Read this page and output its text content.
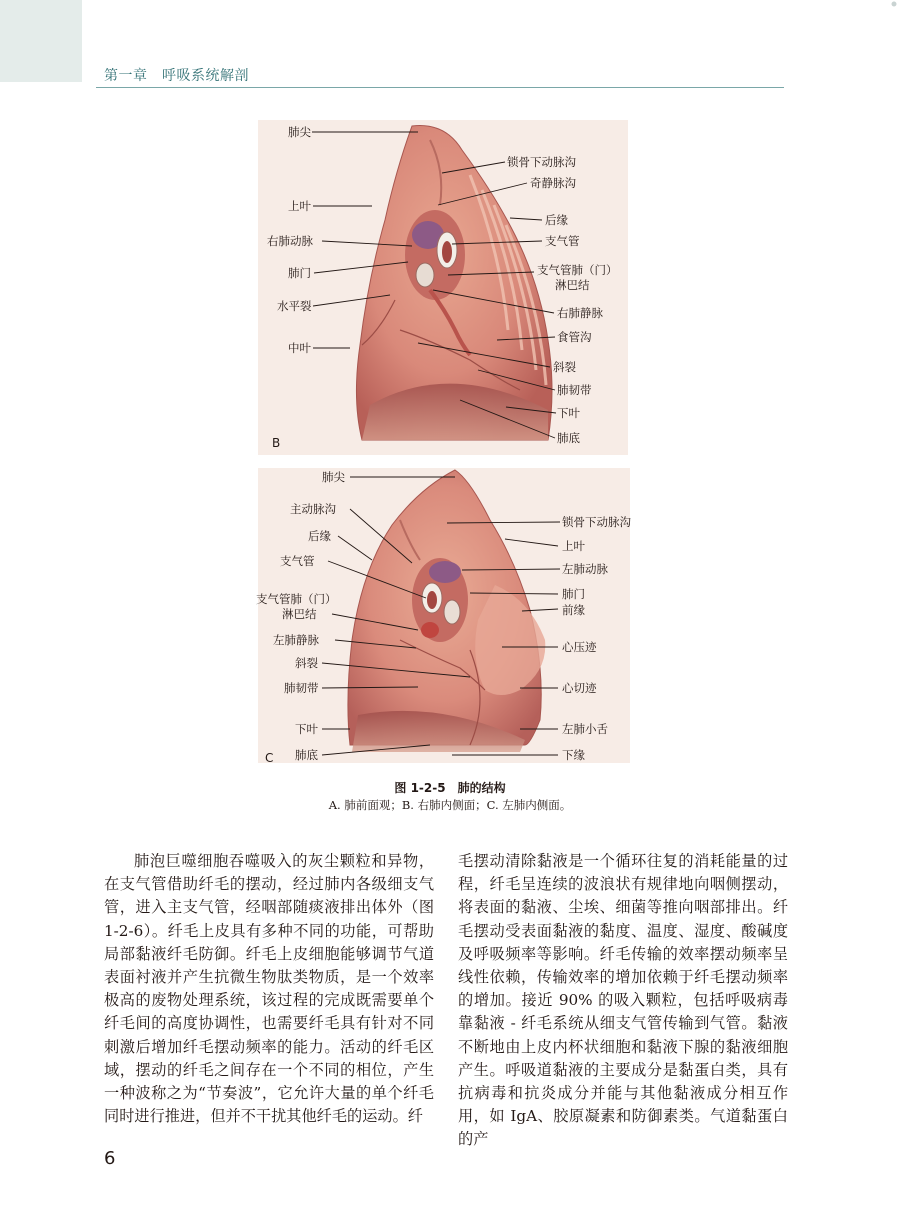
第一章　呼吸系统解剖
B
肺尖
上叶
右肺动脉
肺门
水平裂
中叶
锁骨下动脉沟
奇静脉沟
后缘
支气管
支气管肺（门）
淋巴结
右肺静脉
食管沟
斜裂
肺韧带
下叶
肺底
C
肺尖
主动脉沟
后缘
支气管
支气管肺（门）
淋巴结
左肺静脉
斜裂
肺韧带
下叶
肺底
锁骨下动脉沟
上叶
左肺动脉
肺门
前缘
心压迹
心切迹
左肺小舌
下缘
图 1-2-5　肺的结构
A. 肺前面观；B. 右肺内侧面；C. 左肺内侧面。

肺泡巨噬细胞吞噬吸入的灰尘颗粒和异物，在支气管借助纤毛的摆动，经过肺内各级细支气管，进入主支气管，经咽部随痰液排出体外（图 1-2-6）。纤毛上皮具有多种不同的功能，可帮助局部黏液纤毛防御。纤毛上皮细胞能够调节气道表面衬液并产生抗微生物肽类物质，是一个效率极高的废物处理系统，该过程的完成既需要单个纤毛间的高度协调性，也需要纤毛具有针对不同刺激后增加纤毛摆动频率的能力。活动的纤毛区域，摆动的纤毛之间存在一个不同的相位，产生一种波称之为“节奏波”，它允许大量的单个纤毛同时进行推进，但并不干扰其他纤毛的运动。纤

毛摆动清除黏液是一个循环往复的消耗能量的过程，纤毛呈连续的波浪状有规律地向咽侧摆动，将表面的黏液、尘埃、细菌等推向咽部排出。纤毛摆动受表面黏液的黏度、温度、湿度、酸碱度及呼吸频率等影响。纤毛传输的效率摆动频率呈线性依赖，传输效率的增加依赖于纤毛摆动频率的增加。接近 90% 的吸入颗粒，包括呼吸病毒靠黏液 - 纤毛系统从细支气管传输到气管。黏液不断地由上皮内杯状细胞和黏液下腺的黏液细胞产生。呼吸道黏液的主要成分是黏蛋白类，具有抗病毒和抗炎成分并能与其他黏液成分相互作用，如 IgA、胶原凝素和防御素类。气道黏蛋白的产

6
